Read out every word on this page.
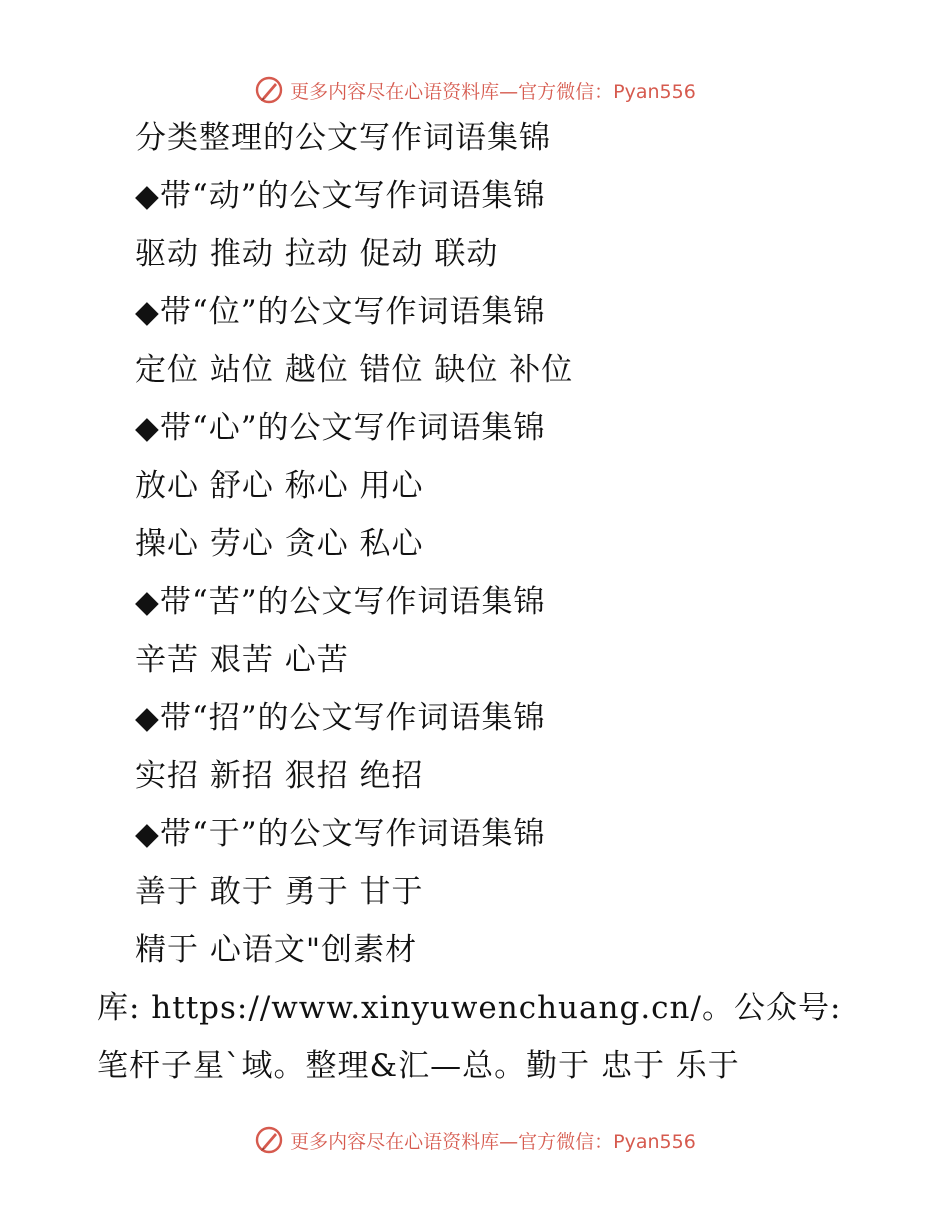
更多内容尽在心语资料库—官方微信：Pyan556
分类整理的公文写作词语集锦
◆带“动”的公文写作词语集锦
驱动 推动 拉动 促动 联动
◆带“位”的公文写作词语集锦
定位 站位 越位 错位 缺位 补位
◆带“心”的公文写作词语集锦
放心 舒心 称心 用心
操心 劳心 贪心 私心
◆带“苦”的公文写作词语集锦
辛苦 艰苦 心苦
◆带“招”的公文写作词语集锦
实招 新招 狠招 绝招
◆带“于”的公文写作词语集锦
善于 敢于 勇于 甘于
精于 心语文"创素材
库: https://www.xinyuwenchuang.cn/。公众号:
笔杆子星`域。整理&汇—总。勤于 忠于 乐于
更多内容尽在心语资料库—官方微信：Pyan556
